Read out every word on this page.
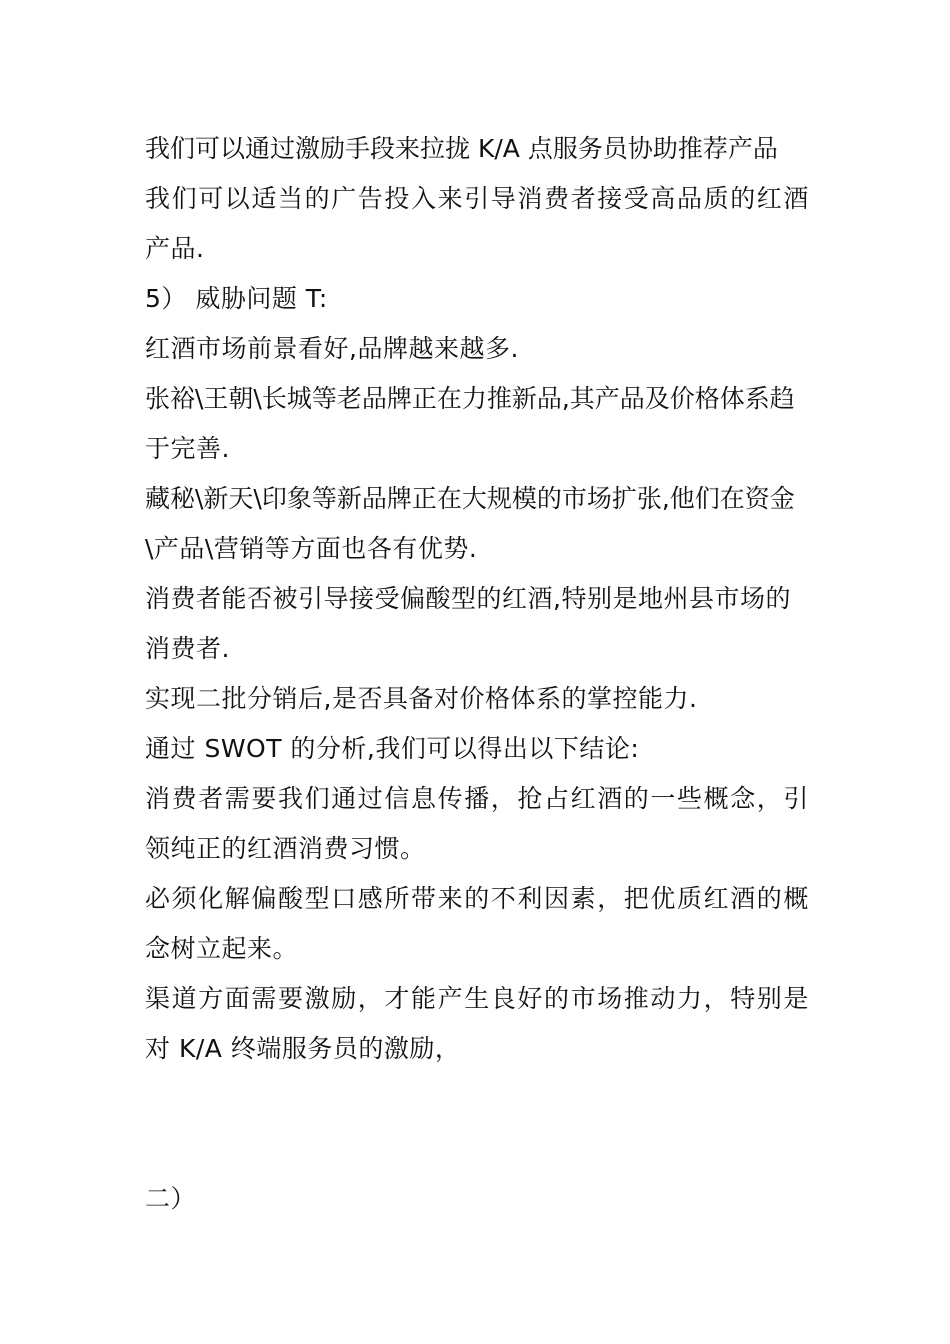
我们可以通过激励手段来拉拢 K/A 点服务员协助推荐产品
我们可以适当的广告投入来引导消费者接受高品质的红酒
产品.
5） 威胁问题 T:
红酒市场前景看好,品牌越来越多.
张裕\王朝\长城等老品牌正在力推新品,其产品及价格体系趋
于完善.
藏秘\新天\印象等新品牌正在大规模的市场扩张,他们在资金
\产品\营销等方面也各有优势.
消费者能否被引导接受偏酸型的红酒,特别是地州县市场的
消费者.
实现二批分销后,是否具备对价格体系的掌控能力.
通过 SWOT 的分析,我们可以得出以下结论:
消费者需要我们通过信息传播，抢占红酒的一些概念，引
领纯正的红酒消费习惯。
必须化解偏酸型口感所带来的不利因素，把优质红酒的概
念树立起来。
渠道方面需要激励，才能产生良好的市场推动力，特别是
对 K/A 终端服务员的激励，
二）
